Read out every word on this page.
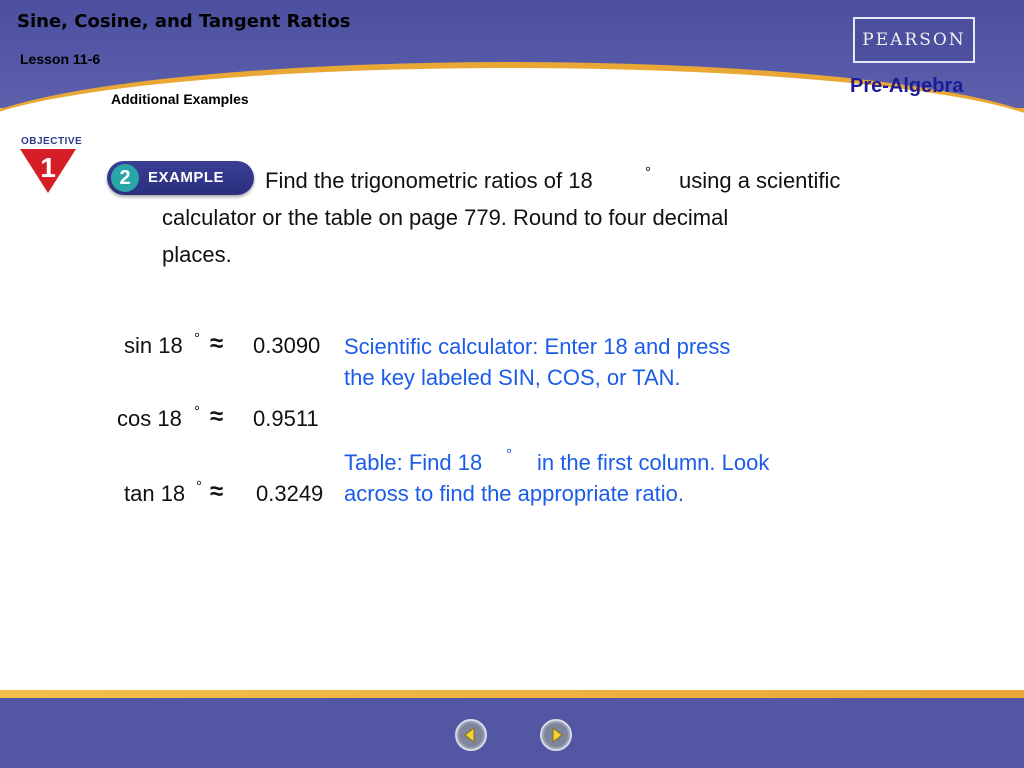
Sine, Cosine, and Tangent Ratios
Lesson 11-6
Additional Examples
PEARSON
Pre-Algebra
OBJECTIVE
1	2	EXAMPLE Find the trigonometric ratios of 18	° using a scientific
calculator or the table on page 779. Round to four decimal
places.
sin 18 ° ≈ 0.3090
cos 18 ° ≈ 0.9511
tan 18 ° ≈ 0.3249
Scientific calculator: Enter 18 and press
the key labeled SIN, COS, or TAN.
Table: Find 18 ° in the first column. Look
across to find the appropriate ratio.
